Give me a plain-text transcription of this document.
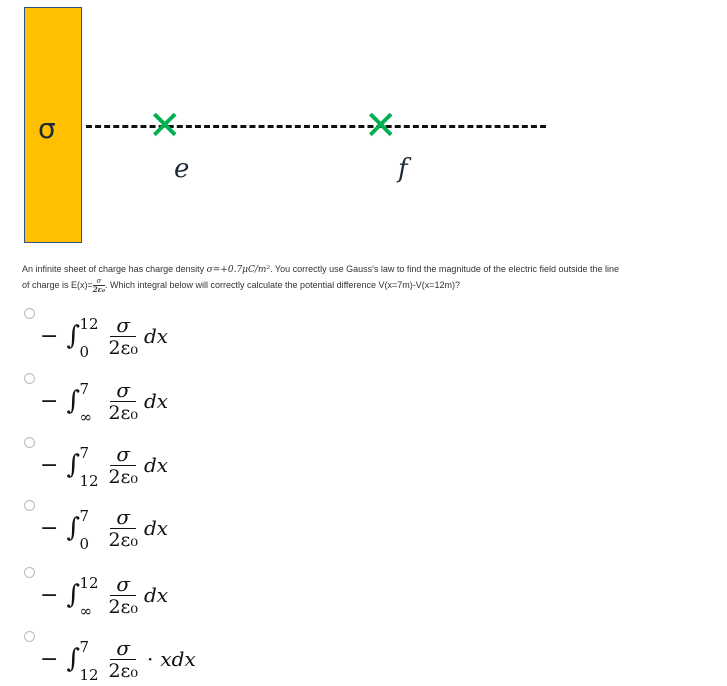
σ ✕
e
✕
f
An infinite sheet of charge has charge density σ=+0.7μC/m². You correctly use Gauss's law to find the magnitude of the electric field outside the line
of charge is $E(x)= \frac{\sigma}{\text{2ε₀}}$ . Which integral below will correctly calculate the potential difference V(x=7m)-V(x=12m)?
− ∫ 12
$0 \frac{\sigma}{\text{2ε₀}}$ dx
− ∫ 7
∞ $\frac{\sigma}{\text{2ε₀}}$ dx
− ∫ 7
$12 \frac{\sigma}{\text{2ε₀}}$ dx
− ∫ 7
$0 \frac{\sigma}{\text{2ε₀}}$ dx
− ∫ 12
∞ $\frac{\sigma}{\text{2ε₀}}$ dx
− ∫ 7
$12 \frac{\sigma}{\text{2ε₀}}$ · xdx
